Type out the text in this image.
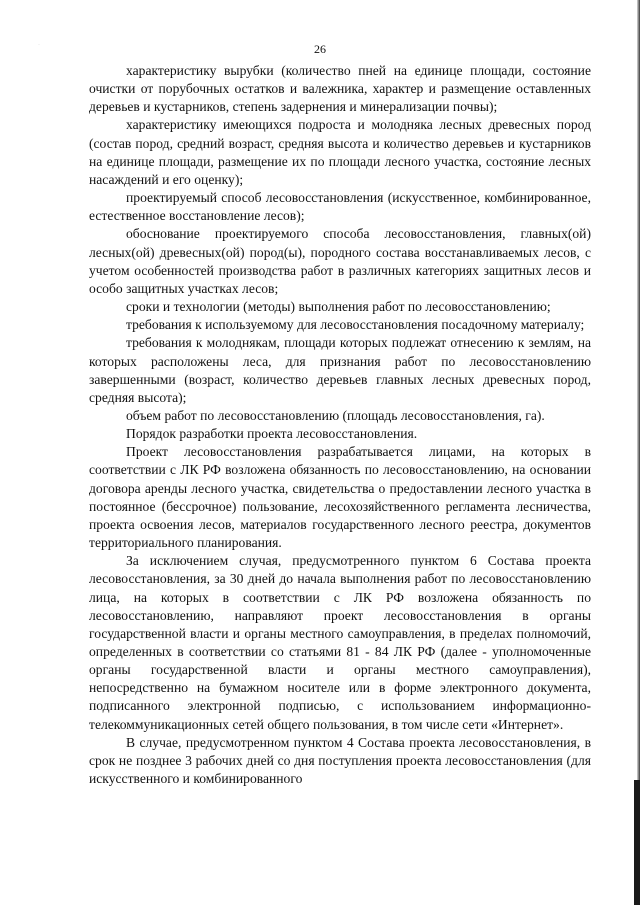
·	26

характеристику вырубки (количество пней на единице площади, состояние очистки от порубочных остатков и валежника, характер и размещение оставленных деревьев и кустарников, степень задернения и минерализации почвы);

характеристику имеющихся подроста и молодняка лесных древесных пород (состав пород, средний возраст, средняя высота и количество деревьев и кустарников на единице площади, размещение их по площади лесного участка, состояние лесных насаждений и его оценку);

проектируемый способ лесовосстановления (искусственное, комбинированное, естественное восстановление лесов);

обоснование проектируемого способа лесовосстановления, главных(ой) лесных(ой) древесных(ой) пород(ы), породного состава восстанавливаемых лесов, с учетом особенностей производства работ в различных категориях защитных лесов и особо защитных участках лесов;

сроки и технологии (методы) выполнения работ по лесовосстановлению;

требования к используемому для лесовосстановления посадочному материалу;

требования к молоднякам, площади которых подлежат отнесению к землям, на которых расположены леса, для признания работ по лесовосстановлению завершенными (возраст, количество деревьев главных лесных древесных пород, средняя высота);

объем работ по лесовосстановлению (площадь лесовосстановления, га).

Порядок разработки проекта лесовосстановления.

Проект лесовосстановления разрабатывается лицами, на которых в соответствии с ЛК РФ возложена обязанность по лесовосстановлению, на основании договора аренды лесного участка, свидетельства о предоставлении лесного участка в постоянное (бессрочное) пользование, лесохозяйственного регламента лесничества, проекта освоения лесов, материалов государственного лесного реестра, документов территориального планирования.

За исключением случая, предусмотренного пунктом 6 Состава проекта лесовосстановления, за 30 дней до начала выполнения работ по лесовосстановлению лица, на которых в соответствии с ЛК РФ возложена обязанность по лесовосстановлению, направляют проект лесовосстановления в органы государственной власти и органы местного самоуправления, в пределах полномочий, определенных в соответствии со статьями 81 - 84 ЛК РФ (далее - уполномоченные органы государственной власти и органы местного самоуправления), непосредственно на бумажном носителе или в форме электронного документа, подписанного электронной подписью, с использованием информационно-телекоммуникационных сетей общего пользования, в том числе сети «Интернет».

В случае, предусмотренном пунктом 4 Состава проекта лесовосстановления, в срок не позднее 3 рабочих дней со дня поступления проекта лесовосстановления (для искусственного и комбинированного
